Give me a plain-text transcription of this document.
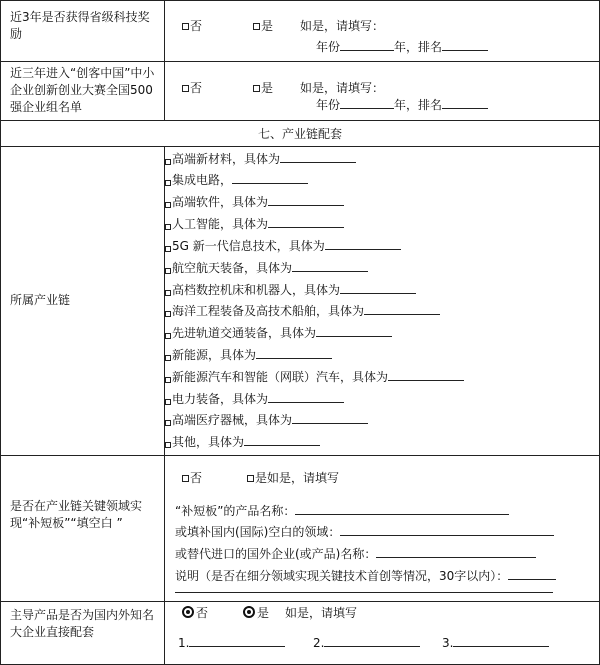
近3年是否获得省级科技奖励
否	是 如是，请填写：
年份	年，排名
近三年进入“创客中国”中小企业创新创业大赛全国500强企业组名单
否	是 如是，请填写：
年份	年，排名
七、产业链配套
所属产业链
高端新材料，具体为
集成电路，
高端软件，具体为
人工智能，具体为
5G 新一代信息技术，具体为
航空航天装备，具体为
高档数控机床和机器人，具体为
海洋工程装备及高技术船舶，具体为
先进轨道交通装备，具体为
新能源，具体为
新能源汽车和智能（网联）汽车，具体为
电力装备，具体为
高端医疗器械，具体为
其他，具体为
是否在产业链关键领域实现“补短板”“填空白 ”
否	是如是，请填写
“补短板”的产品名称：
或填补国内(国际)空白的领域：
或替代进口的国外企业(或产品)名称：
说明（是否在细分领域实现关键技术首创等情况，30字以内）：
主导产品是否为国内外知名大企业直接配套
否	是 如是，请填写
1.	2.	3.
